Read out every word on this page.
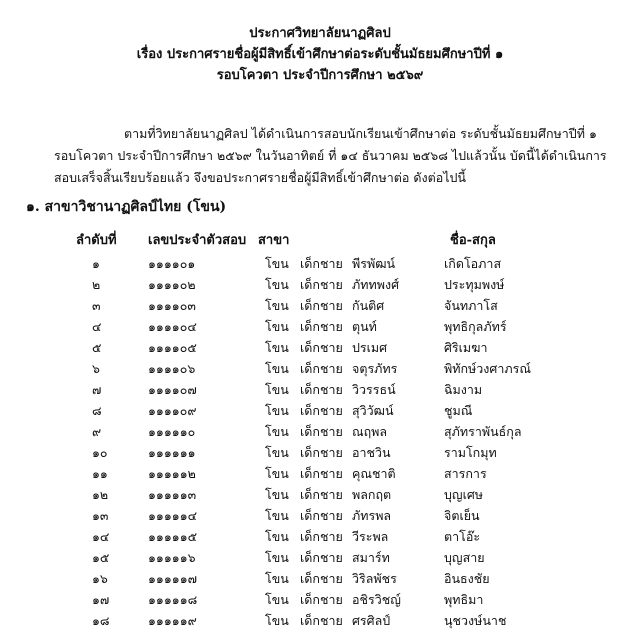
ประกาศวิทยาลัยนาฏศิลป
เรื่อง ประกาศรายชื่อผู้มีสิทธิ์เข้าศึกษาต่อระดับชั้นมัธยมศึกษาปีที่ ๑
รอบโควตา ประจำปีการศึกษา ๒๕๖๙
ตามที่วิทยาลัยนาฏศิลป ได้ดำเนินการสอบนักเรียนเข้าศึกษาต่อ ระดับชั้นมัธยมศึกษาปีที่ ๑
รอบโควตา ประจำปีการศึกษา ๒๕๖๙ ในวันอาทิตย์ ที่ ๑๔ ธันวาคม ๒๕๖๘ ไปแล้วนั้น บัดนี้ได้ดำเนินการ
สอบเสร็จสิ้นเรียบร้อยแล้ว จึงขอประกาศรายชื่อผู้มีสิทธิ์เข้าศึกษาต่อ ดังต่อไปนี้
๑. สาขาวิชานาฏศิลป์ไทย (โขน)
ลำดับที่ เลขประจำตัวสอบ สาขา	ชื่อ-สกุล
๑	๑๑๑๑๐๑	โขน เด็กชาย พีรพัฒน์	เกิดโอภาส
๒	๑๑๑๑๐๒	โขน เด็กชาย ภัททพงศ์	ประทุมพงษ์
๓	๑๑๑๑๐๓	โขน เด็กชาย กันติศ	จันทภาโส
๔	๑๑๑๑๐๔	โขน เด็กชาย ตุนท์	พุทธิกุลภัทร์
๕	๑๑๑๑๐๕	โขน เด็กชาย ปรเมศ	ศิริเมฆา
๖	๑๑๑๑๐๖	โขน เด็กชาย จตุรภัทร	พิทักษ์วงศาภรณ์
๗	๑๑๑๑๐๗	โขน เด็กชาย วิวรรธน์	ฉิมงาม
๘	๑๑๑๑๐๙	โขน เด็กชาย สุวิวัฒน์	ชูมณี
๙	๑๑๑๑๑๐	โขน เด็กชาย ณฤพล	สุภัทราพันธ์กุล
๑๐	๑๑๑๑๑๑	โขน เด็กชาย อาชวิน	รามโกมุท
๑๑	๑๑๑๑๑๒	โขน เด็กชาย คุณชาติ	สารการ
๑๒	๑๑๑๑๑๓	โขน เด็กชาย พลกฤต	บุญเศษ
๑๓	๑๑๑๑๑๔	โขน เด็กชาย ภัทรพล	จิตเย็น
๑๔	๑๑๑๑๑๕	โขน เด็กชาย วีระพล	ตาโอ๊ะ
๑๕	๑๑๑๑๑๖	โขน เด็กชาย สมาร์ท	บุญสาย
๑๖	๑๑๑๑๑๗	โขน เด็กชาย วิริลพัชร	อินธงชัย
๑๗	๑๑๑๑๑๘	โขน เด็กชาย อชิรวิชญ์	พุทธิมา
๑๘	๑๑๑๑๑๙	โขน เด็กชาย ศรศิลป์	นุชวงษ์นาช
